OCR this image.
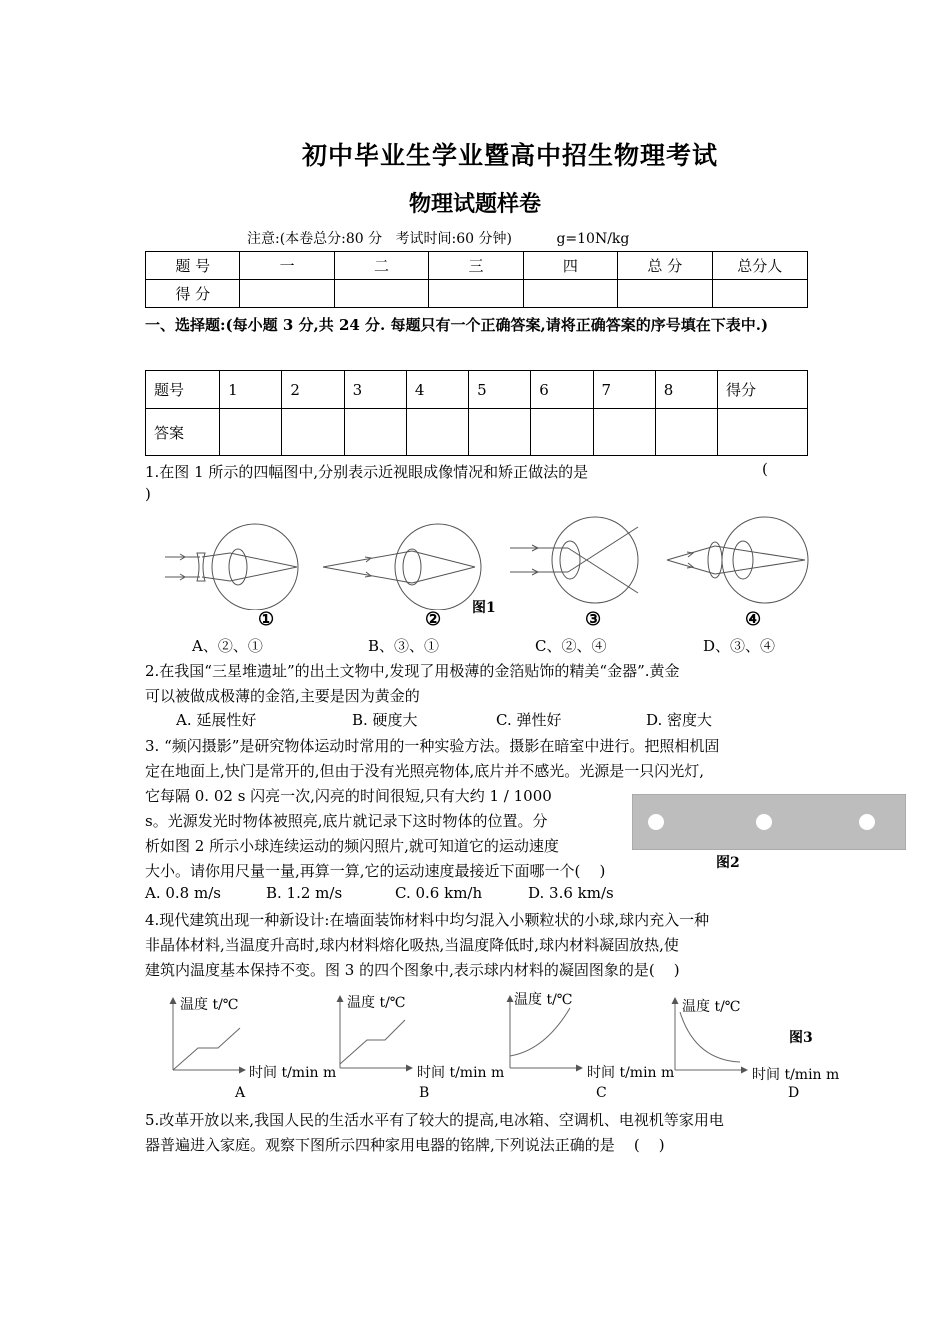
初中毕业生学业暨高中招生物理考试
物理试题样卷
注意:(本卷总分:80 分   考试时间:60 分钟)          g=10N/kg
题 号	一	二	三	四	总 分	总分人
得 分						
一、选择题:(每小题 3 分,共 24 分. 每题只有一个正确答案,请将正确答案的序号填在下表中.)
题号	1	2	3	4	5	6	7	8	得分
答案									
1.在图 1 所示的四幅图中,分别表示近视眼成像情况和矫正做法的是	(
)
图1
①	②	③	④
A、②、①	B、③、①	C、②、④	D、③、④
2.在我国“三星堆遗址”的出土文物中,发现了用极薄的金箔贴饰的精美“金器”.黄金
可以被做成极薄的金箔,主要是因为黄金的
A. 延展性好	B. 硬度大	C. 弹性好	D. 密度大
3. “频闪摄影”是研究物体运动时常用的一种实验方法。摄影在暗室中进行。把照相机固
定在地面上,快门是常开的,但由于没有光照亮物体,底片并不感光。光源是一只闪光灯,
它每隔 0. 02 s 闪亮一次,闪亮的时间很短,只有大约 1 / 1000
s。光源发光时物体被照亮,底片就记录下这时物体的位置。分
析如图 2 所示小球连续运动的频闪照片,就可知道它的运动速度
大小。请你用尺量一量,再算一算,它的运动速度最接近下面哪一个(    )	图2
A. 0.8 m/s	B. 1.2 m/s	C. 0.6 km/h	D. 3.6 km/s
4.现代建筑出现一种新设计:在墙面装饰材料中均匀混入小颗粒状的小球,球内充入一种
非晶体材料,当温度升高时,球内材料熔化吸热,当温度降低时,球内材料凝固放热,使
建筑内温度基本保持不变。图 3 的四个图象中,表示球内材料的凝固图象的是(    )
温度 t/℃	温度 t/℃	温度 t/℃	温度 t/℃
时间 t/min m	时间 t/min m	时间 t/min m	时间 t/min m
图3
A	B	C	D
5.改革开放以来,我国人民的生活水平有了较大的提高,电冰箱、空调机、电视机等家用电
器普遍进入家庭。观察下图所示四种家用电器的铭牌,下列说法正确的是    (    )
